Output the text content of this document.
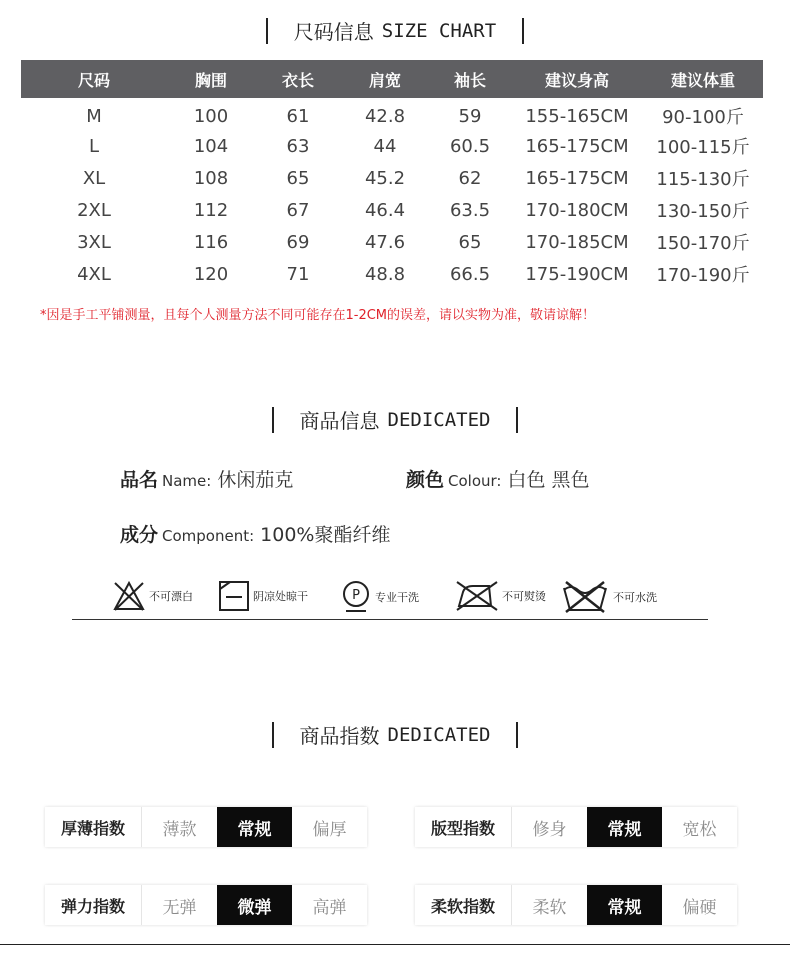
尺码信息 SIZE CHART
尺码	胸围	衣长	肩宽	袖长	建议身高	建议体重
M	100	61	42.8	59	155-165CM	90-100斤
L	104	63	44	60.5	165-175CM	100-115斤
XL	108	65	45.2	62	165-175CM	115-130斤
2XL	112	67	46.4	63.5	170-180CM	130-150斤
3XL	116	69	47.6	65	170-185CM	150-170斤
4XL	120	71	48.8	66.5	175-190CM	170-190斤
*因是手工平铺测量，且每个人测量方法不同可能存在1-2CM的误差，请以实物为准，敬请谅解！
商品信息 DEDICATED
品名 Name: 休闲茄克	颜色 Colour: 白色 黑色
成分 Component: 100%聚酯纤维
不可漂白	阴凉处晾干	P 专业干洗	不可熨烫	不可水洗
商品指数 DEDICATED
厚薄指数	薄款	常规	偏厚	版型指数	修身	常规	宽松
弹力指数	无弹	微弹	高弹	柔软指数	柔软	常规	偏硬
